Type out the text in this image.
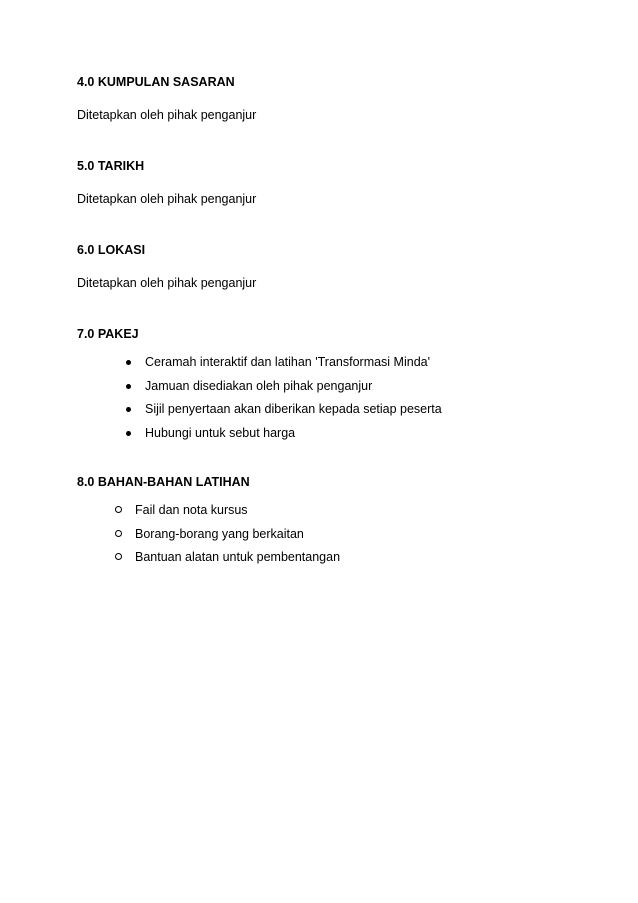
4.0 KUMPULAN SASARAN
Ditetapkan oleh pihak penganjur
5.0 TARIKH
Ditetapkan oleh pihak penganjur
6.0 LOKASI
Ditetapkan oleh pihak penganjur
7.0 PAKEJ
Ceramah interaktif dan latihan 'Transformasi Minda'
Jamuan disediakan oleh pihak penganjur
Sijil penyertaan akan diberikan kepada setiap peserta
Hubungi untuk sebut harga
8.0 BAHAN-BAHAN LATIHAN
Fail dan nota kursus
Borang-borang yang berkaitan
Bantuan alatan untuk pembentangan
